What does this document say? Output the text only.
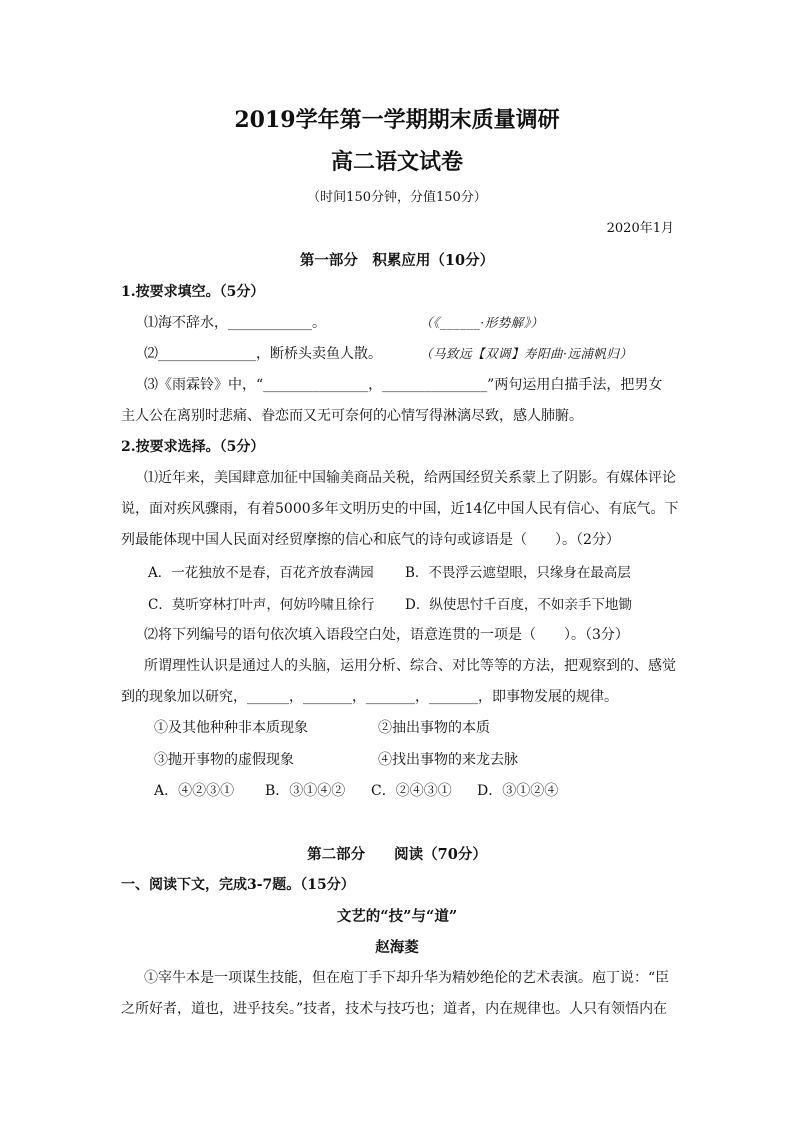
2019学年第一学期期末质量调研
高二语文试卷
（时间150分钟，分值150分）
2020年1月
第一部分　积累应用（10分）
1.按要求填空。（5分）
⑴海不辞水，____________。	（《______·形势解》）
⑵______________，断桥头卖鱼人散。	（马致远【双调】寿阳曲·远浦帆归）
⑶《雨霖铃》中，“_______________，_______________”两句运用白描手法，把男女
主人公在离别时悲痛、眷恋而又无可奈何的心情写得淋漓尽致，感人肺腑。
2.按要求选择。（5分）
⑴近年来，美国肆意加征中国输美商品关税，给两国经贸关系蒙上了阴影。有媒体评论
说，面对疾风骤雨，有着5000多年文明历史的中国，近14亿中国人民有信心、有底气。下
列最能体现中国人民面对经贸摩擦的信心和底气的诗句或谚语是（　　）。（2分）
A．一花独放不是春，百花齐放春满园 B．不畏浮云遮望眼，只缘身在最高层
C．莫听穿林打叶声，何妨吟啸且徐行 D．纵使思忖千百度，不如亲手下地锄
⑵将下列编号的语句依次填入语段空白处，语意连贯的一项是（　　）。（3分）
所谓理性认识是通过人的头脑，运用分析、综合、对比等等的方法，把观察到的、感觉
到的现象加以研究，______，_______，_______，_______，即事物发展的规律。
①及其他种种非本质现象	②抽出事物的本质
③抛开事物的虚假现象	④找出事物的来龙去脉
A．④②③① B．③①④② C．②④③① D．③①②④
第二部分　　阅读（70分）
一、阅读下文，完成3-7题。（15分）
文艺的“技”与“道”
赵海菱
①宰牛本是一项谋生技能，但在庖丁手下却升华为精妙绝伦的艺术表演。庖丁说：“臣
之所好者，道也，进乎技矣。”技者，技术与技巧也；道者，内在规律也。人只有领悟内在
